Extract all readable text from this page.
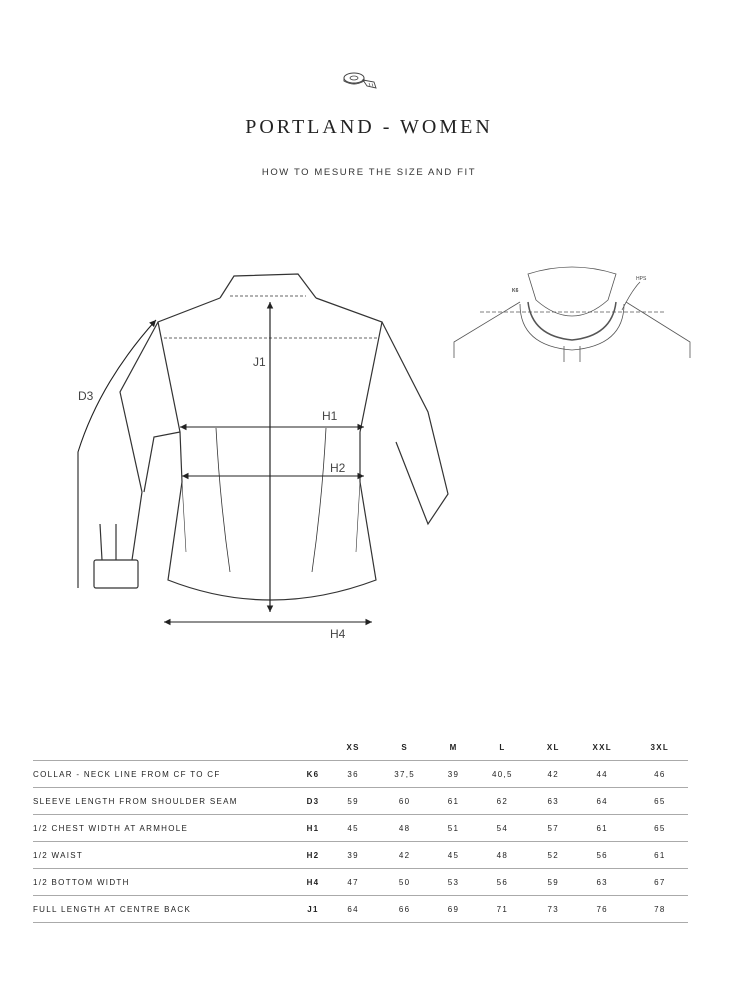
PORTLAND - WOMEN
HOW TO MESURE THE SIZE AND FIT
J1
H1
H2
H4
D3
K6
HPS
		XS	S	M	L	XL	XXL	3XL
COLLAR - NECK LINE FROM CF TO CF	K6	36	37,5	39	40,5	42	44	46
SLEEVE LENGTH FROM SHOULDER SEAM	D3	59	60	61	62	63	64	65
1/2 CHEST WIDTH AT ARMHOLE	H1	45	48	51	54	57	61	65
1/2 WAIST	H2	39	42	45	48	52	56	61
1/2 BOTTOM WIDTH	H4	47	50	53	56	59	63	67
FULL LENGTH AT CENTRE BACK	J1	64	66	69	71	73	76	78
